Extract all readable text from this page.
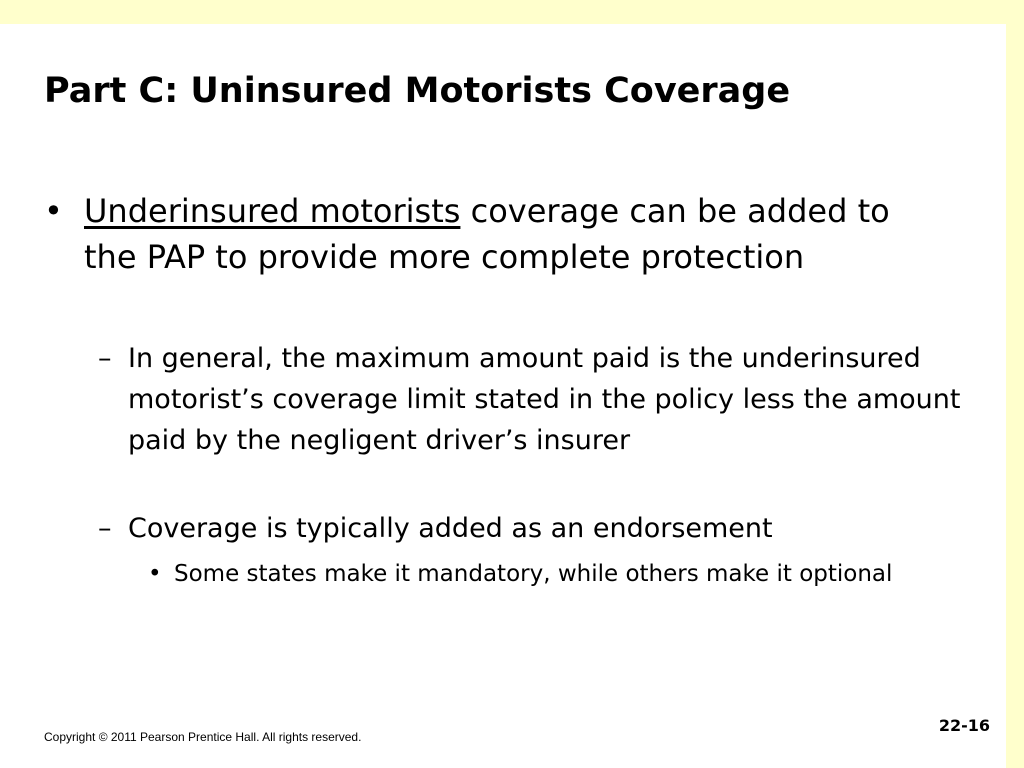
Part C: Uninsured Motorists Coverage

• Underinsured motorists coverage can be added to the PAP to provide more complete protection

– In general, the maximum amount paid is the underinsured motorist’s coverage limit stated in the policy less the amount paid by the negligent driver’s insurer

– Coverage is typically added as an endorsement

• Some states make it mandatory, while others make it optional

Copyright © 2011 Pearson Prentice Hall. All rights reserved.
22-16
